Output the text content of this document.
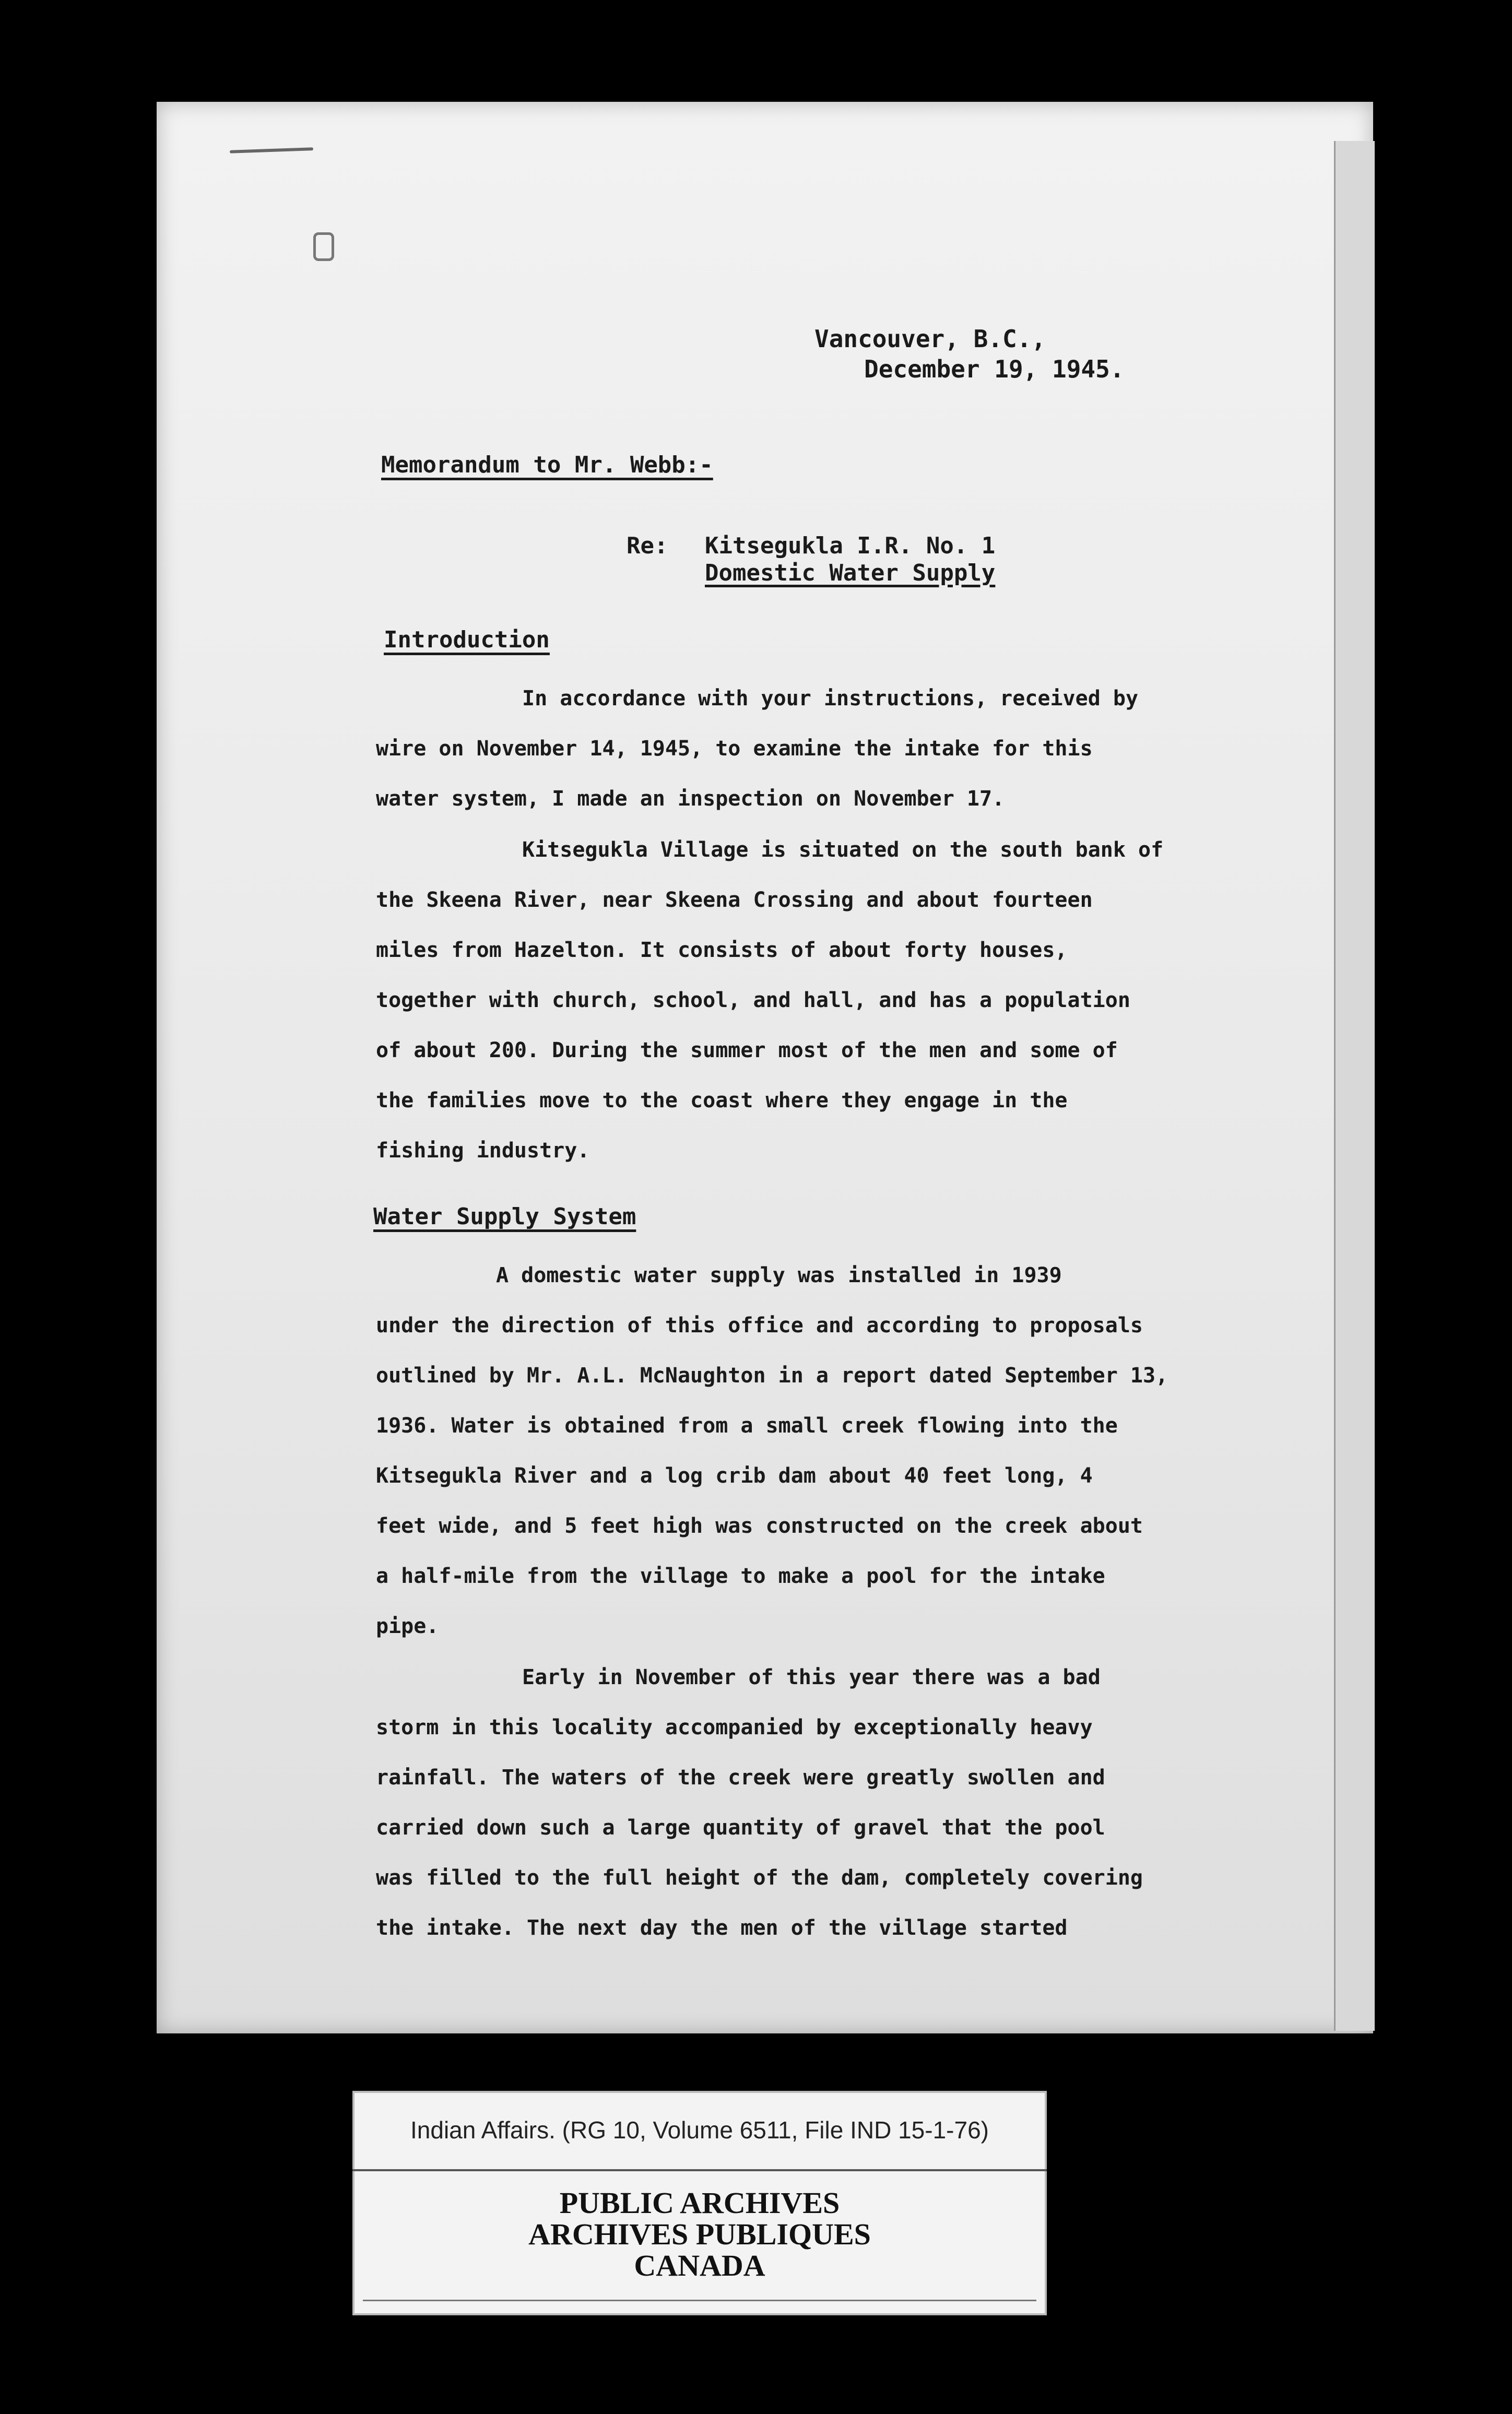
Vancouver, B.C.,
December 19, 1945.
Memorandum to Mr. Webb:-
Re: Kitsegukla I.R. No. 1
Domestic Water Supply
Introduction
In accordance with your instructions, received by
wire on November 14, 1945, to examine the intake for this
water system, I made an inspection on November 17.
Kitsegukla Village is situated on the south bank of
the Skeena River, near Skeena Crossing and about fourteen
miles from Hazelton. It consists of about forty houses,
together with church, school, and hall, and has a population
of about 200. During the summer most of the men and some of
the families move to the coast where they engage in the
fishing industry.
Water Supply System
A domestic water supply was installed in 1939
under the direction of this office and according to proposals
outlined by Mr. A.L. McNaughton in a report dated September 13,
1936. Water is obtained from a small creek flowing into the
Kitsegukla River and a log crib dam about 40 feet long, 4
feet wide, and 5 feet high was constructed on the creek about
a half-mile from the village to make a pool for the intake
pipe.
Early in November of this year there was a bad
storm in this locality accompanied by exceptionally heavy
rainfall. The waters of the creek were greatly swollen and
carried down such a large quantity of gravel that the pool
was filled to the full height of the dam, completely covering
the intake. The next day the men of the village started
Indian Affairs. (RG 10, Volume 6511, File IND 15-1-76)
PUBLIC ARCHIVES
ARCHIVES PUBLIQUES
CANADA
